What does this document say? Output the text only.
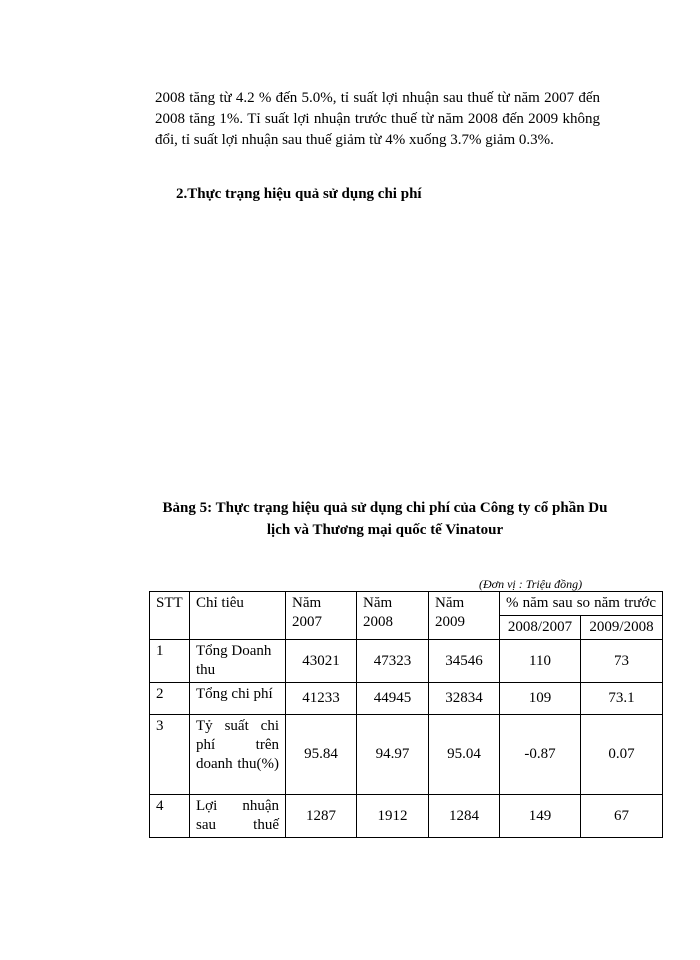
2008 tăng từ 4.2 % đến 5.0%, tỉ suất lợi nhuận sau thuế từ năm 2007 đến 2008 tăng 1%. Tỉ suất lợi nhuận trước thuế từ năm 2008 đến 2009 không đổi, tỉ suất lợi nhuận sau thuế giảm từ 4% xuống 3.7% giảm 0.3%.

2.Thực trạng hiệu quả sử dụng chi phí

Bảng 5: Thực trạng hiệu quả sử dụng chi phí của Công ty cổ phần Du lịch và Thương mại quốc tế Vinatour

(Đơn vị : Triệu đồng)
STT	Chỉ tiêu	Năm 2007	Năm 2008	Năm 2009	% năm sau so năm trước	
					2008/2007	2009/2008
1	Tổng Doanh thu	43021	47323	34546	110	73
2	Tổng chi phí	41233	44945	32834	109	73.1
3	Tỷ suất chi phí trên doanh thu(%)	95.84	94.97	95.04	-0.87	0.07
4	Lợi nhuận sau thuế	1287	1912	1284	149	67
